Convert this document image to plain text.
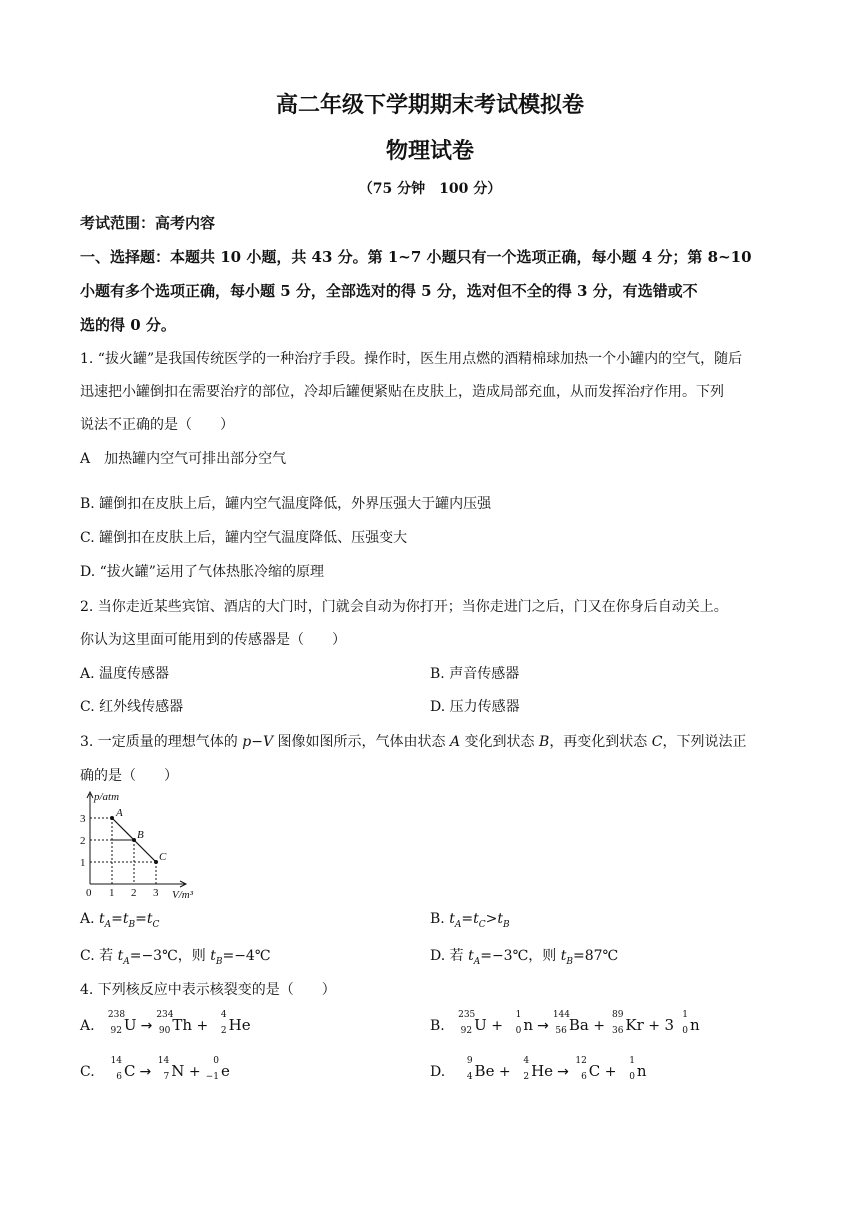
高二年级下学期期末考试模拟卷
物理试卷
（75 分钟　100 分）
考试范围：高考内容
一、选择题：本题共 10 小题，共 43 分。第 1~7 小题只有一个选项正确，每小题 4 分；第 8~10
小题有多个选项正确，每小题 5 分，全部选对的得 5 分，选对但不全的得 3 分，有选错或不
选的得 0 分。
1. “拔火罐”是我国传统医学的一种治疗手段。操作时，医生用点燃的酒精棉球加热一个小罐内的空气，随后
迅速把小罐倒扣在需要治疗的部位，冷却后罐便紧贴在皮肤上，造成局部充血，从而发挥治疗作用。下列
说法不正确的是（　　）
A　加热罐内空气可排出部分空气
B. 罐倒扣在皮肤上后，罐内空气温度降低，外界压强大于罐内压强
C. 罐倒扣在皮肤上后，罐内空气温度降低、压强变大
D. “拔火罐”运用了气体热胀冷缩的原理
2. 当你走近某些宾馆、酒店的大门时，门就会自动为你打开；当你走进门之后，门又在你身后自动关上。
你认为这里面可能用到的传感器是（　　）
A. 温度传感器	B. 声音传感器
C. 红外线传感器	D. 压力传感器
3. 一定质量的理想气体的 p−V 图像如图所示，气体由状态 A 变化到状态 B，再变化到状态 C，下列说法正
确的是（　　）
p/atm
V/m³
1
2
3
0 1 2 3
A
B
C
A. $t_A=t_B=t_C$	B. $t_A=t_C>t_B$
C. 若 $t_A=-3℃$，则 $t_B=-4℃$	D. 若 $t_A=-3℃$，则 $t_B=87℃$
4. 下列核反应中表示核裂变的是（　　）
A.
238
92 U →
234
90 Th +
4
2 He	B.
235
92 U +
1
0 n →
144
56 Ba +
89
36 Kr + 3
1
0 n
C.
14
6 C →
14
7 N +
0
−1 e	D.
9
4 Be +
4
2 He →
12
6 C +
1
0 n
